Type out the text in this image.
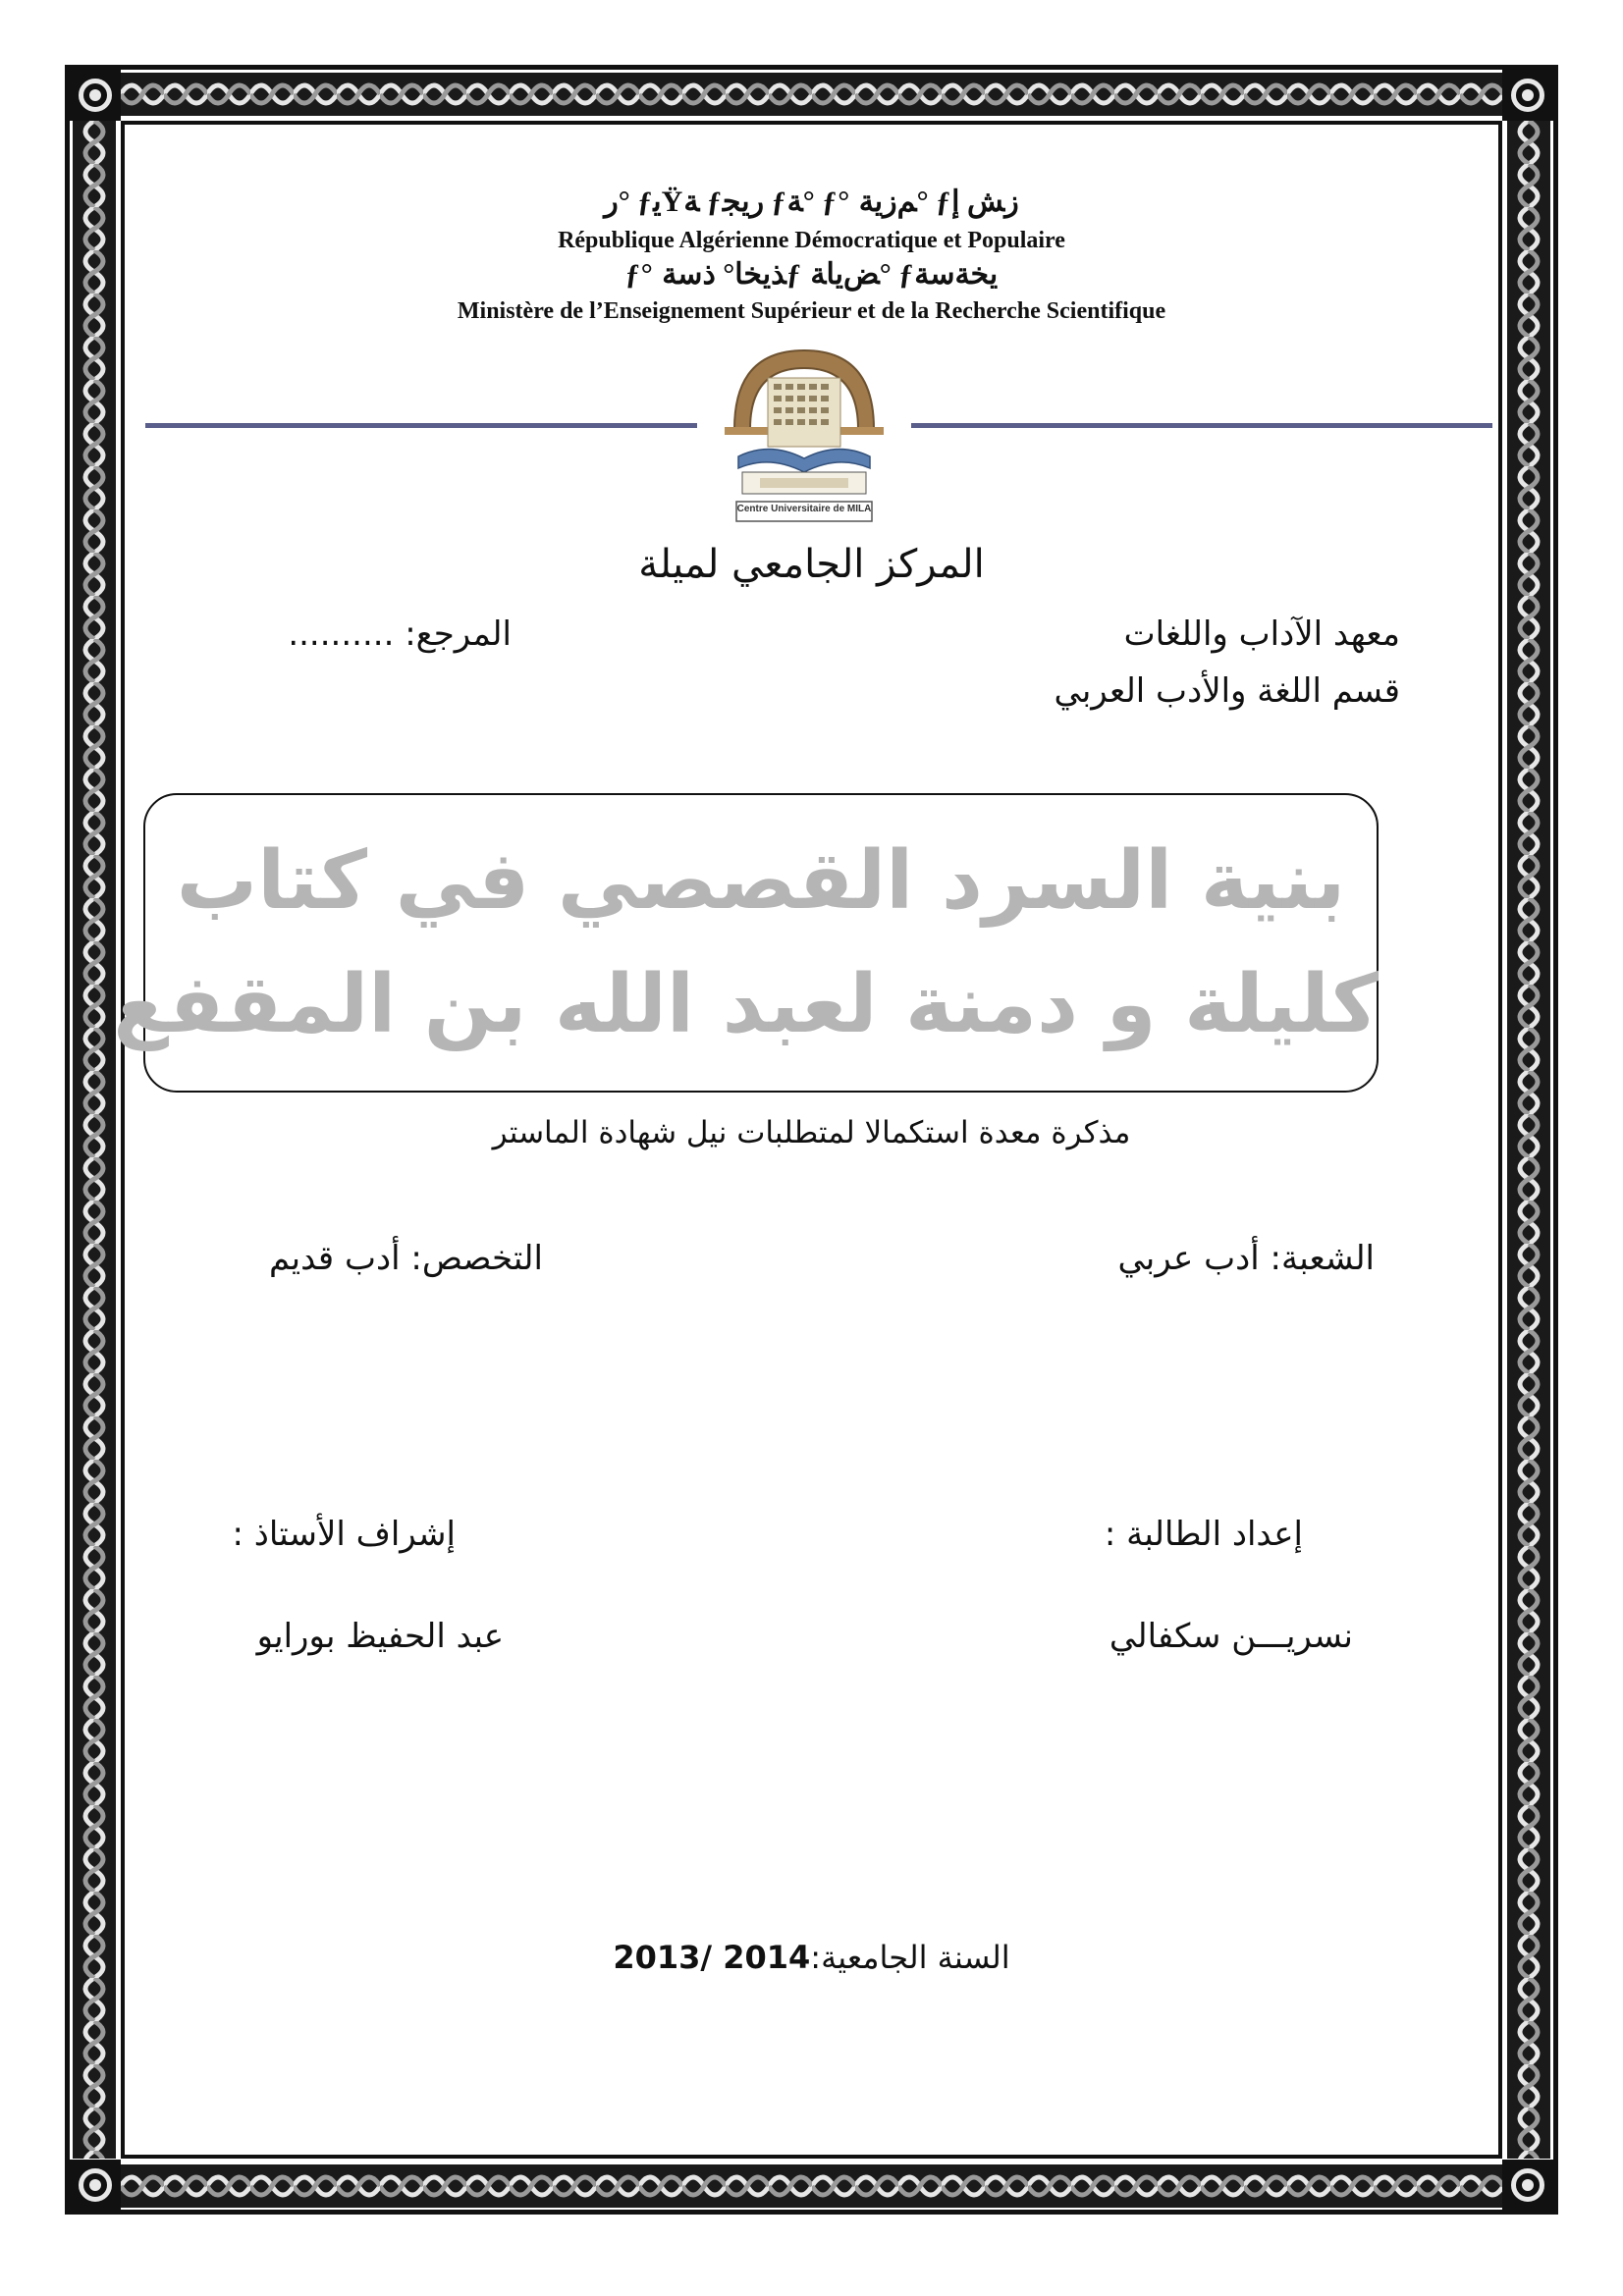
ﺭ° ƒﻳŸﺔ ƒﺭﻳﺠ ƒﺔ° ƒ° ﻢﺯﻳﺔ° ƒﺯﺶ ﺇ
République Algérienne Démocratique et Populaire
ƒ° ﺬﻳﺨﺎ° ﺫﺳﺔƒ ﺾﻳﺎﺔ° ƒﻳﺨﺔﺳﺔ
Ministère de l’Enseignement Supérieur et de la Recherche Scientifique
Centre Universitaire de MILA
المركز الجامعي لميلة
معهد الآداب واللغات
المرجع: ..........
قسم اللغة والأدب العربي
بنية السرد القصصي في كتاب
كليلة و دمنة لعبد الله بن المقفع
مذكرة معدة استكمالا لمتطلبات نيل شهادة الماستر
الشعبة: أدب عربي
التخصص: أدب قديم
إعداد الطالبة :
إشراف الأستاذ :
نسريـــن سكفالي
عبد الحفيظ بورايو
السنة الجامعية:2013/ 2014
